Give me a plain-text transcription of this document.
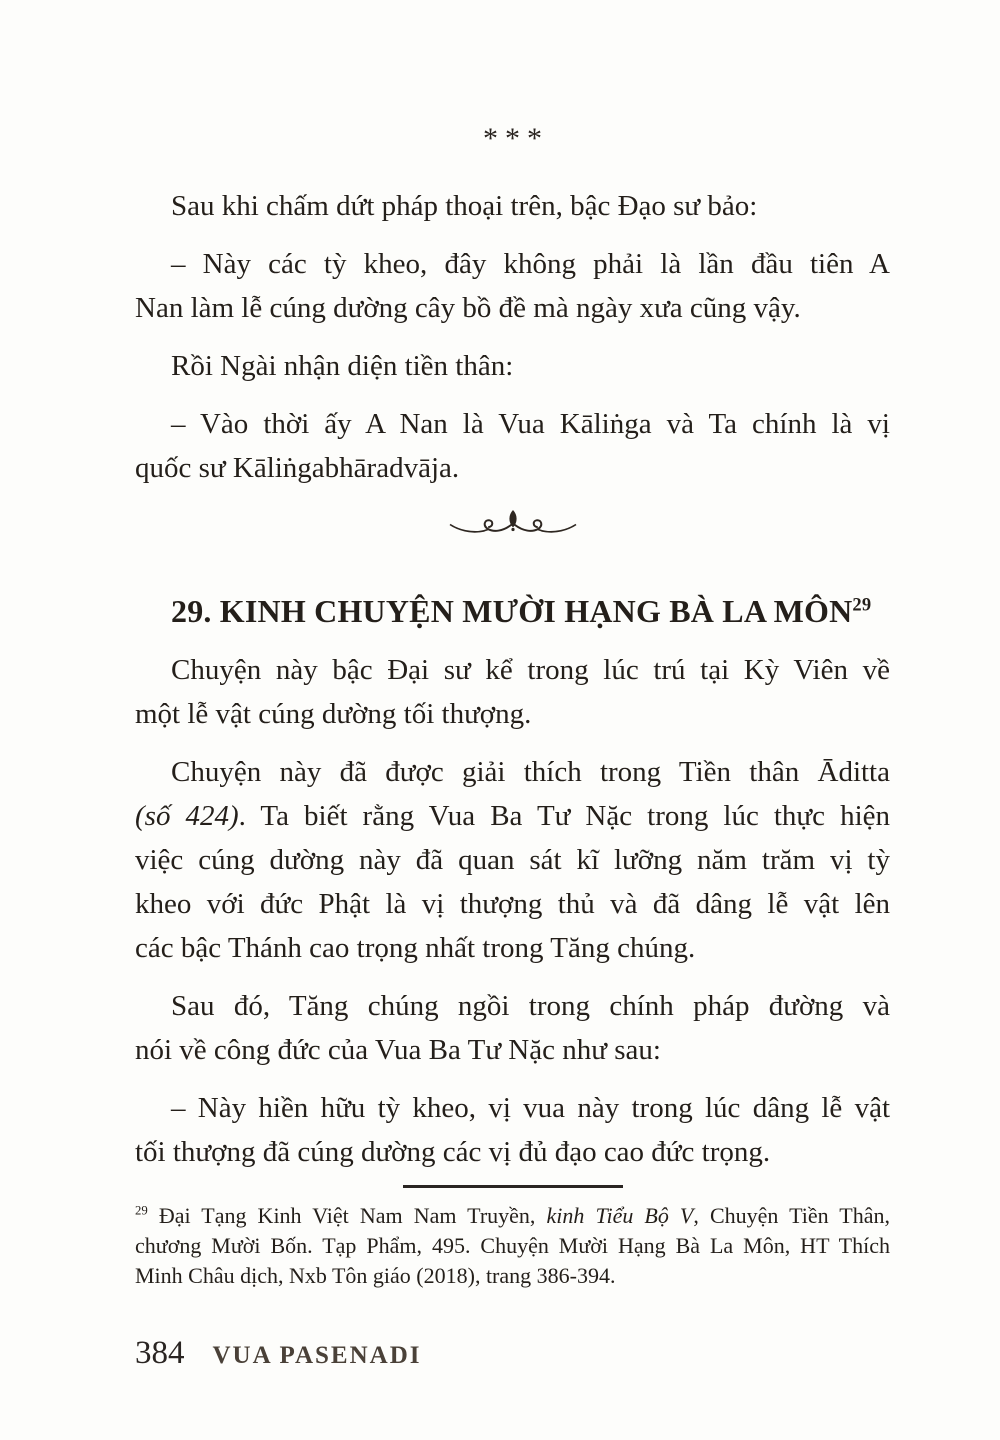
***
Sau khi chấm dứt pháp thoại trên, bậc Đạo sư bảo:
– Này các tỳ kheo, đây không phải là lần đầu tiên A
Nan làm lễ cúng dường cây bồ đề mà ngày xưa cũng vậy.
Rồi Ngài nhận diện tiền thân:
– Vào thời ấy A Nan là Vua Kāliṅga và Ta chính là vị
quốc sư Kāliṅgabhāradvāja.
29. KINH CHUYỆN MƯỜI HẠNG BÀ LA MÔN$^{29}$
Chuyện này bậc Đại sư kể trong lúc trú tại Kỳ Viên về
một lễ vật cúng dường tối thượng.
Chuyện này đã được giải thích trong Tiền thân Āditta
(số 424). Ta biết rằng Vua Ba Tư Nặc trong lúc thực hiện
việc cúng dường này đã quan sát kĩ lưỡng năm trăm vị tỳ
kheo với đức Phật là vị thượng thủ và đã dâng lễ vật lên
các bậc Thánh cao trọng nhất trong Tăng chúng.
Sau đó, Tăng chúng ngồi trong chính pháp đường và
nói về công đức của Vua Ba Tư Nặc như sau:
– Này hiền hữu tỳ kheo, vị vua này trong lúc dâng lễ vật
tối thượng đã cúng dường các vị đủ đạo cao đức trọng.
$^{29}$ Đại Tạng Kinh Việt Nam Nam Truyền, kinh Tiểu Bộ V, Chuyện Tiền Thân,
chương Mười Bốn. Tạp Phẩm, 495. Chuyện Mười Hạng Bà La Môn, HT Thích
Minh Châu dịch, Nxb Tôn giáo (2018), trang 386-394.
384 VUA PASENADI
